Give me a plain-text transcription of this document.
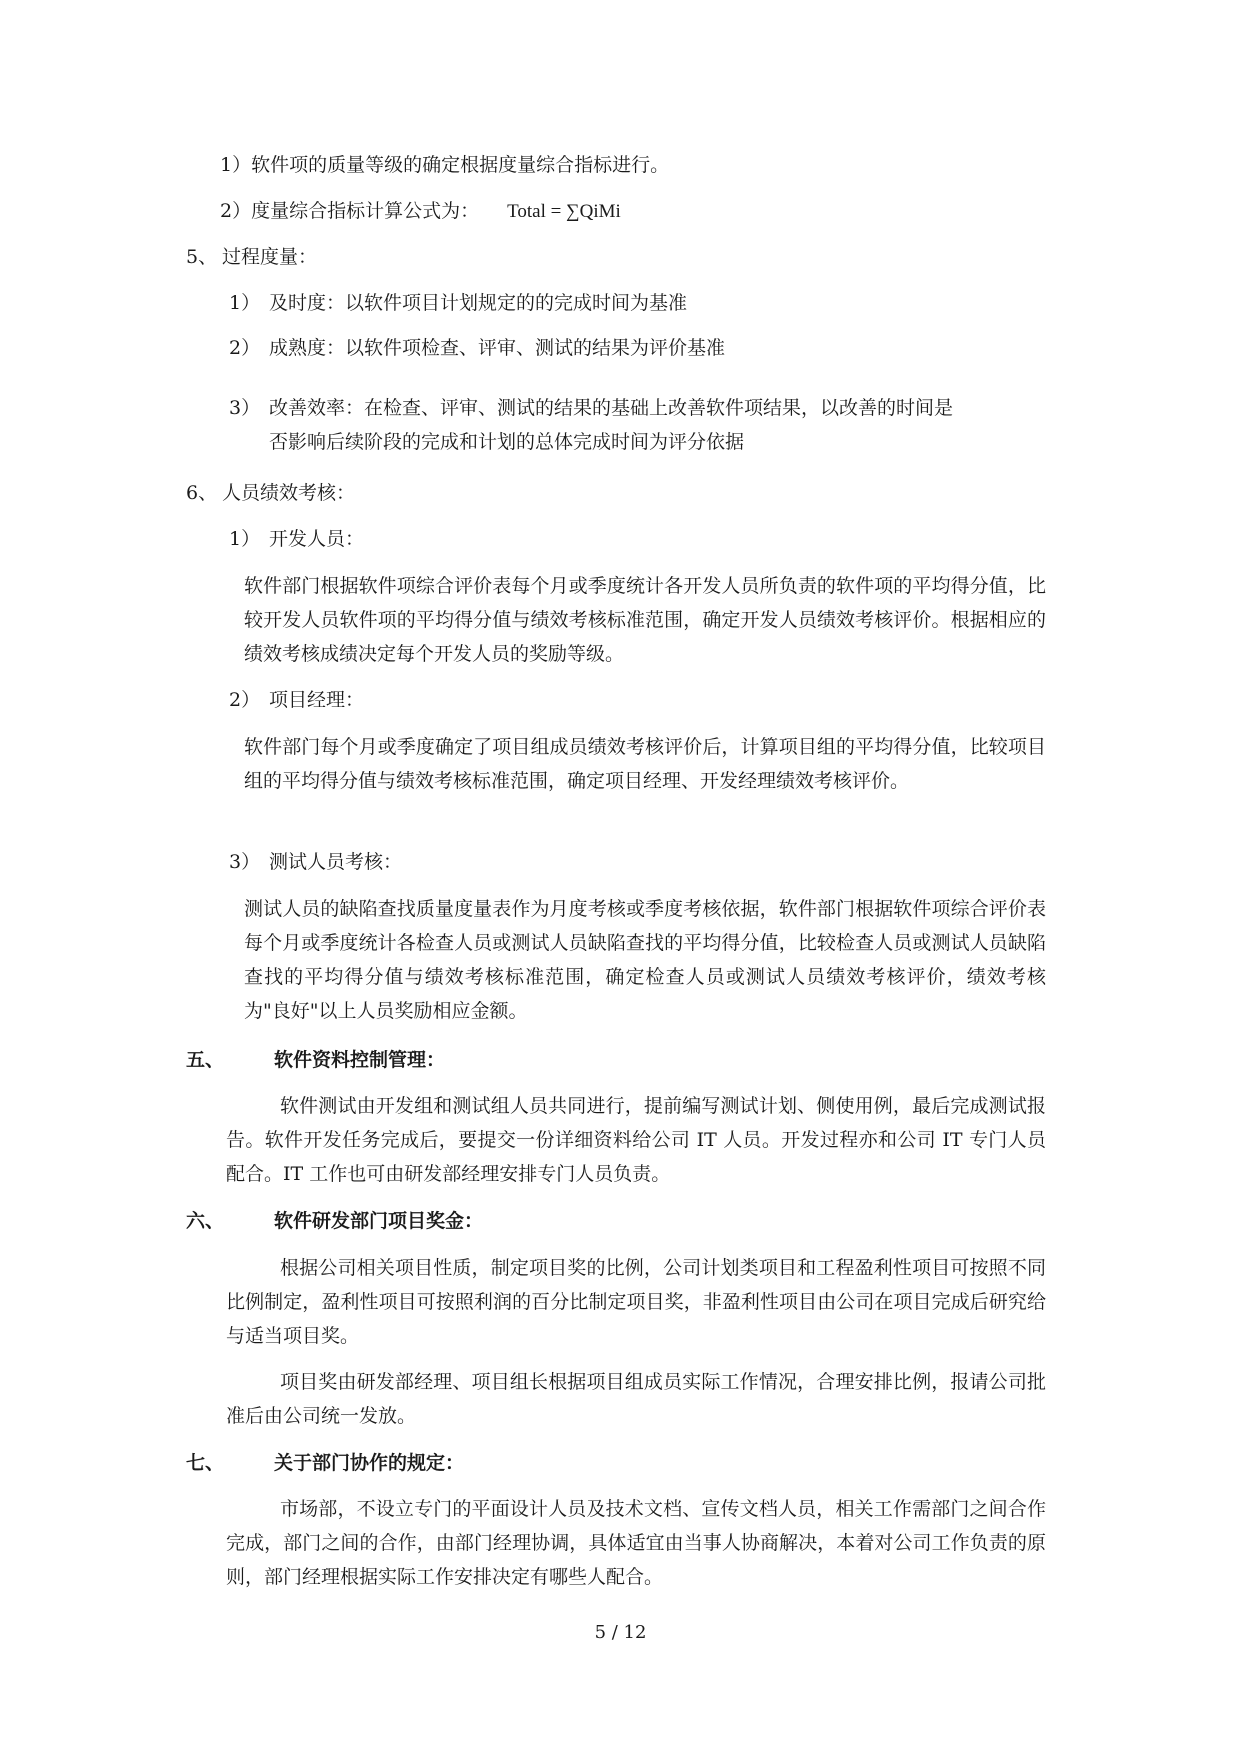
1）软件项的质量等级的确定根据度量综合指标进行。

2）度量综合指标计算公式为： Total = ∑QiMi

5、 过程度量：

1） 及时度：以软件项目计划规定的的完成时间为基准

2） 成熟度：以软件项检查、评审、测试的结果为评价基准

3） 改善效率：在检查、评审、测试的结果的基础上改善软件项结果，以改善的时间是

否影响后续阶段的完成和计划的总体完成时间为评分依据

6、 人员绩效考核：

1） 开发人员：

软件部门根据软件项综合评价表每个月或季度统计各开发人员所负责的软件项的平均得分值，比较开发人员软件项的平均得分值与绩效考核标准范围，确定开发人员绩效考核评价。根据相应的绩效考核成绩决定每个开发人员的奖励等级。

2） 项目经理：

软件部门每个月或季度确定了项目组成员绩效考核评价后，计算项目组的平均得分值，比较项目组的平均得分值与绩效考核标准范围，确定项目经理、开发经理绩效考核评价。

3） 测试人员考核：

测试人员的缺陷查找质量度量表作为月度考核或季度考核依据，软件部门根据软件项综合评价表每个月或季度统计各检查人员或测试人员缺陷查找的平均得分值，比较检查人员或测试人员缺陷查找的平均得分值与绩效考核标准范围，确定检查人员或测试人员绩效考核评价，绩效考核为"良好"以上人员奖励相应金额。

五、	软件资料控制管理：

软件测试由开发组和测试组人员共同进行，提前编写测试计划、侧使用例，最后完成测试报告。软件开发任务完成后，要提交一份详细资料给公司 IT 人员。开发过程亦和公司 IT 专门人员配合。IT 工作也可由研发部经理安排专门人员负责。

六、	软件研发部门项目奖金：

根据公司相关项目性质，制定项目奖的比例，公司计划类项目和工程盈利性项目可按照不同比例制定，盈利性项目可按照利润的百分比制定项目奖，非盈利性项目由公司在项目完成后研究给与适当项目奖。

项目奖由研发部经理、项目组长根据项目组成员实际工作情况，合理安排比例，报请公司批准后由公司统一发放。

七、	关于部门协作的规定：

市场部，不设立专门的平面设计人员及技术文档、宣传文档人员，相关工作需部门之间合作完成，部门之间的合作，由部门经理协调，具体适宜由当事人协商解决，本着对公司工作负责的原则，部门经理根据实际工作安排决定有哪些人配合。

5 / 12
